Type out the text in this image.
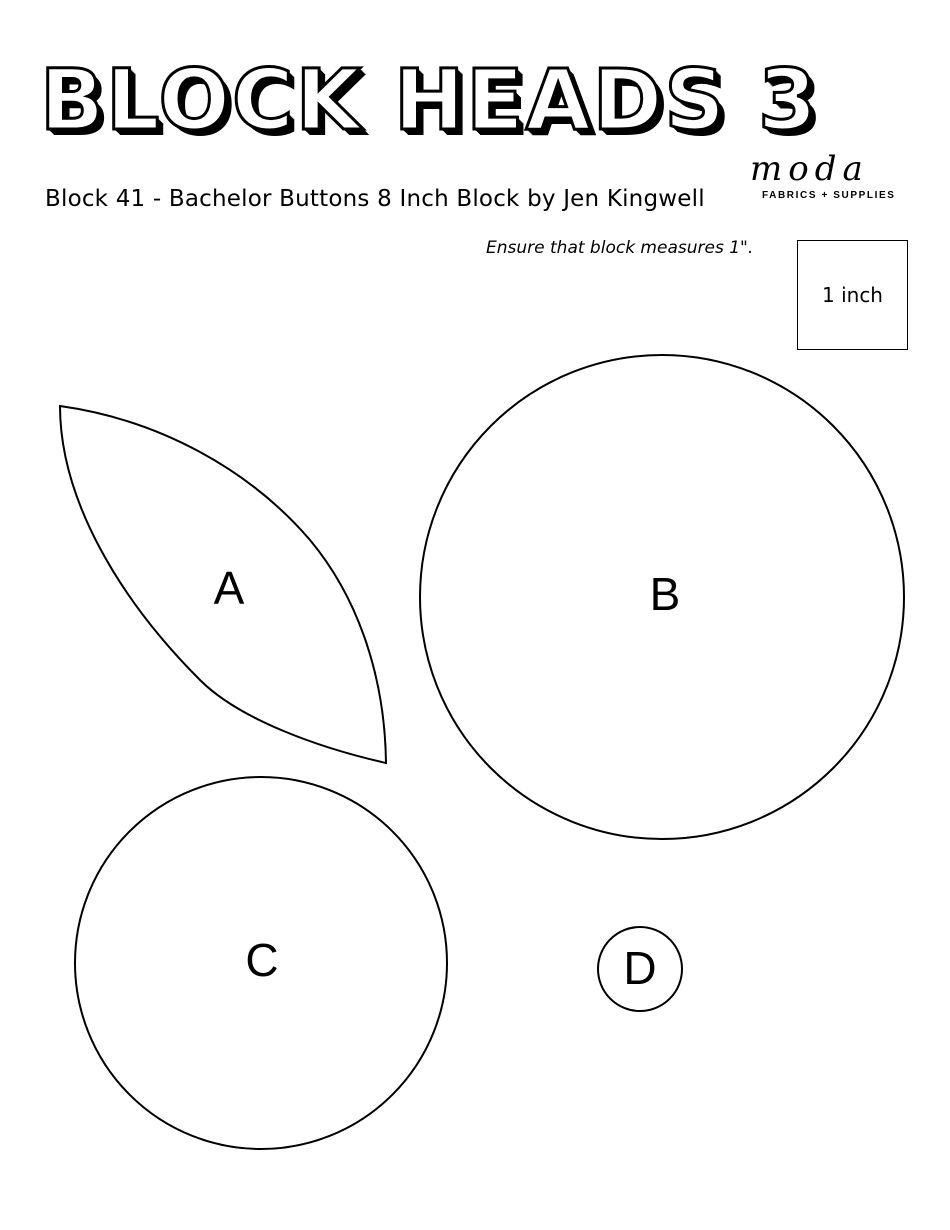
BLOCK HEADS 3
Block 41 - Bachelor Buttons 8 Inch Block by Jen Kingwell
moda
FABRICS + SUPPLIES
Ensure that block measures 1".
1 inch
A	B
C	D
